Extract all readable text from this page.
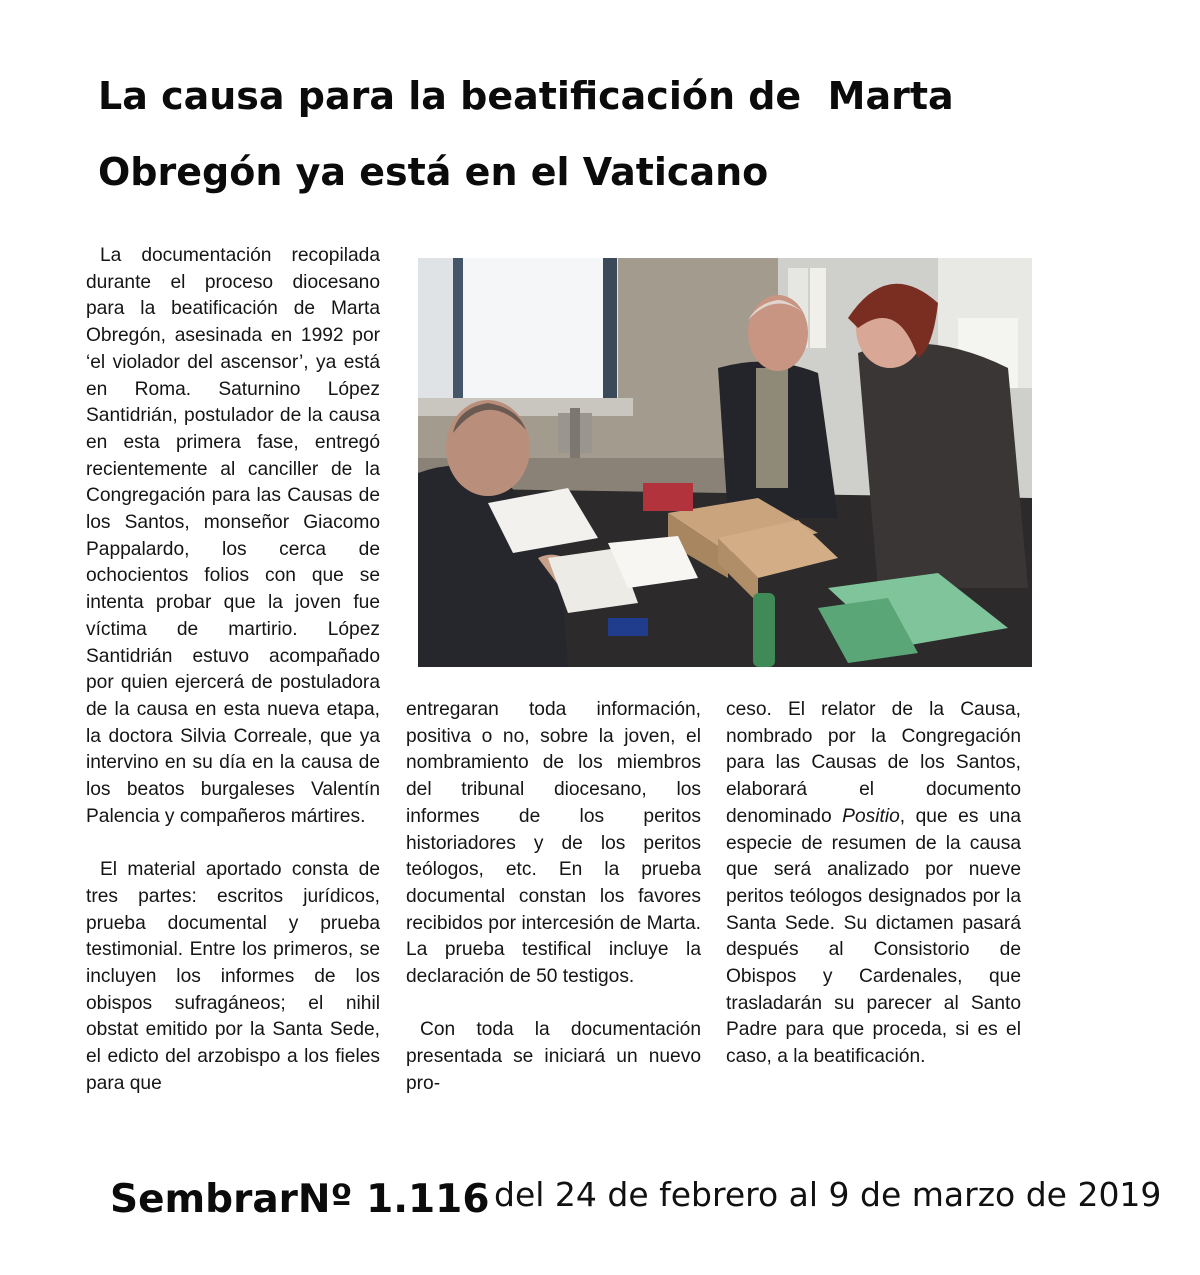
La causa para la beatificación de  Marta
Obregón ya está en el Vaticano

La documentación recopilada durante el proceso diocesano para la beatificación de Marta Obregón, asesinada en 1992 por ‘el violador del ascensor’, ya está en Roma. Saturnino López Santidrián, postulador de la causa en esta primera fase, entregó recientemente al canciller de la Congregación para las Causas de los Santos, monseñor Giacomo Pappalardo, los cerca de ochocientos folios con que se intenta probar que la joven fue víctima de martirio. López Santidrián estuvo acompañado por quien ejercerá de postuladora de la causa en esta nueva etapa, la doctora Silvia Correale, que ya intervino en su día en la causa de los beatos burgaleses Valentín Palencia y compañeros mártires.

El material aportado consta de tres partes: escritos jurídicos, prueba documental y prueba testimonial. Entre los primeros, se incluyen los informes de los obispos sufragáneos; el nihil obstat emitido por la Santa Sede, el edicto del arzobispo a los fieles para que

entregaran toda información, positiva o no, sobre la joven, el nombramiento de los miembros del tribunal diocesano, los informes de los peritos historiadores y de los peritos teólogos, etc. En la prueba documental constan los favores recibidos por intercesión de Marta. La prueba testifical incluye la declaración de 50 testigos.

Con toda la documentación presentada se iniciará un nuevo pro-

ceso. El relator de la Causa, nombrado por la Congregación para las Causas de los Santos, elaborará el documento denominado Positio, que es una especie de resumen de la causa que será analizado por nueve peritos teólogos designados por la Santa Sede. Su dictamen pasará después al Consistorio de Obispos y Cardenales, que trasladarán su parecer al Santo Padre para que proceda, si es el caso, a la beatificación.

SembrarNº 1.116 del 24 de febrero al 9 de marzo de 2019
